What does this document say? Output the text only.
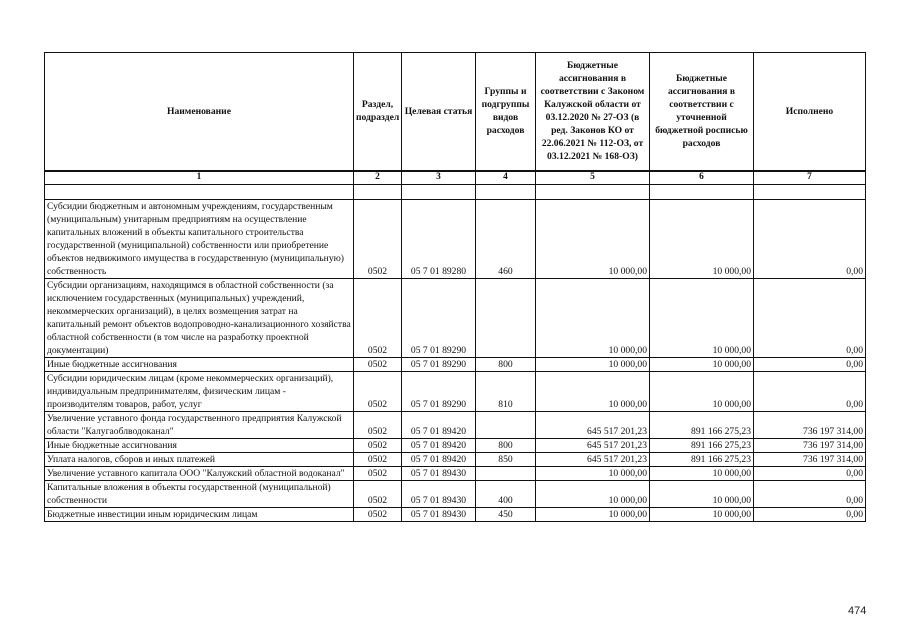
Наименование	Раздел, подраздел	Целевая статья	Группы и подгруппы видов расходов	Бюджетные ассигнования в соответствии с Законом Калужской области от 03.12.2020 № 27-ОЗ (в ред. Законов КО от 22.06.2021 № 112-ОЗ, от 03.12.2021 № 168-ОЗ)	Бюджетные ассигнования в соответствии с уточненной бюджетной росписью расходов	Исполнено
1	2	3	4	5	6	7

Субсидии бюджетным и автономным учреждениям, государственным (муниципальным) унитарным предприятиям на осуществление капитальных вложений в объекты капитального строительства государственной (муниципальной) собственности или приобретение объектов недвижимого имущества в государственную (муниципальную) собственность	0502	05 7 01 89280	460	10 000,00	10 000,00	0,00
Субсидии организациям, находящимся в областной собственности (за исключением государственных (муниципальных) учреждений, некоммерческих организаций), в целях возмещения затрат на капитальный ремонт объектов водопроводно-канализационного хозяйства областной собственности (в том числе на разработку проектной документации)	0502	05 7 01 89290		10 000,00	10 000,00	0,00
Иные бюджетные ассигнования	0502	05 7 01 89290	800	10 000,00	10 000,00	0,00
Субсидии юридическим лицам (кроме некоммерческих организаций), индивидуальным предпринимателям, физическим лицам - производителям товаров, работ, услуг	0502	05 7 01 89290	810	10 000,00	10 000,00	0,00
Увеличение уставного фонда государственного предприятия Калужской области "Калугаоблводоканал"	0502	05 7 01 89420		645 517 201,23	891 166 275,23	736 197 314,00
Иные бюджетные ассигнования	0502	05 7 01 89420	800	645 517 201,23	891 166 275,23	736 197 314,00
Уплата налогов, сборов и иных платежей	0502	05 7 01 89420	850	645 517 201,23	891 166 275,23	736 197 314,00
Увеличение уставного капитала ООО "Калужский областной водоканал"	0502	05 7 01 89430		10 000,00	10 000,00	0,00
Капитальные вложения в объекты государственной (муниципальной) собственности	0502	05 7 01 89430	400	10 000,00	10 000,00	0,00
Бюджетные инвестиции иным юридическим лицам	0502	05 7 01 89430	450	10 000,00	10 000,00	0,00
474
